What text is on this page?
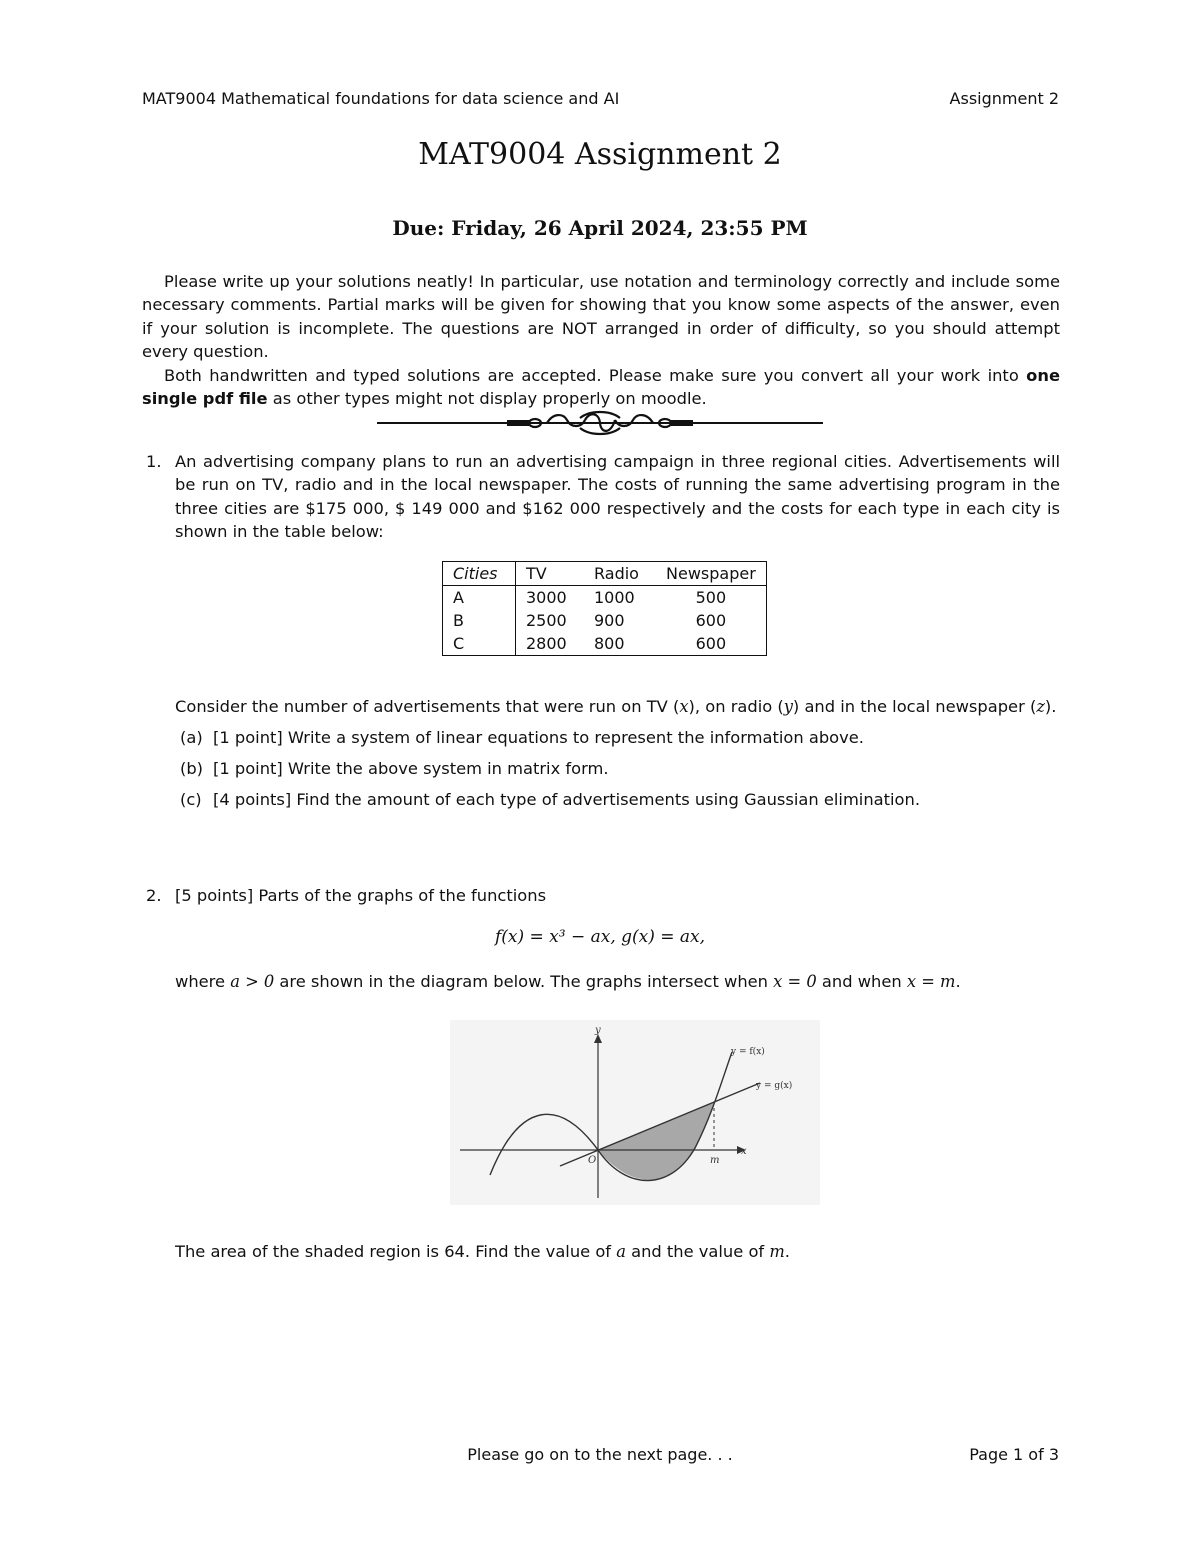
MAT9004 Mathematical foundations for data science and AI	Assignment 2
MAT9004 Assignment 2
Due: Friday, 26 April 2024, 23:55 PM

Please write up your solutions neatly! In particular, use notation and terminology correctly and include some necessary comments. Partial marks will be given for showing that you know some aspects of the answer, even if your solution is incomplete. The questions are NOT arranged in order of difficulty, so you should attempt every question.

Both handwritten and typed solutions are accepted. Please make sure you convert all your work into one single pdf file as other types might not display properly on moodle.

1. An advertising company plans to run an advertising campaign in three regional cities. Advertisements will be run on TV, radio and in the local newspaper. The costs of running the same advertising program in the three cities are $175 000, $ 149 000 and $162 000 respectively and the costs for each type in each city is shown in the table below:
Cities	TV	Radio	Newspaper
A	3000	1000	500
B	2500	900	600
C	2800	800	600
Consider the number of advertisements that were run on TV (x), on radio (y) and in the local newspaper (z).
(a) [1 point] Write a system of linear equations to represent the information above.
(b) [1 point] Write the above system in matrix form.
(c) [4 points] Find the amount of each type of advertisements using Gaussian elimination.
2. [5 points] Parts of the graphs of the functions
f(x) = x³ − ax, g(x) = ax,
where a > 0 are shown in the diagram below. The graphs intersect when x = 0 and when x = m.
y = f(x)
y = g(x)
x
y
O	m
The area of the shaded region is 64. Find the value of a and the value of m.
Please go on to the next page. . .	Page 1 of 3
